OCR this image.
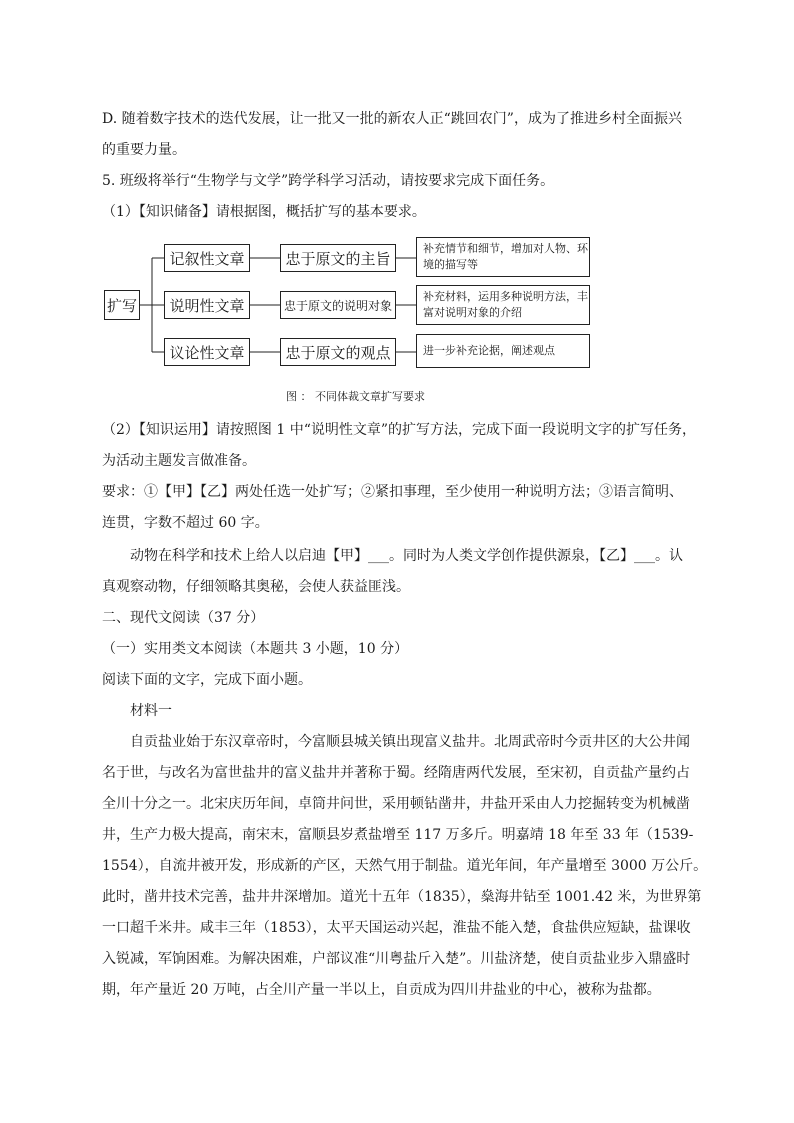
D. 随着数字技术的迭代发展，让一批又一批的新农人正“跳回农门”，成为了推进乡村全面振兴
的重要力量。
5. 班级将举行“生物学与文学”跨学科学习活动，请按要求完成下面任务。
（1）【知识储备】请根据图，概括扩写的基本要求。
扩写
记叙性文章
说明性文章
议论性文章
忠于原文的主旨
忠于原文的说明对象
忠于原文的观点
补充情节和细节，增加对人物、环境的描写等
补充材料，运用多种说明方法，丰富对说明对象的介绍
进一步补充论据，阐述观点
图 ： 不同体裁文章扩写要求
（2）【知识运用】请按照图 1 中“说明性文章”的扩写方法，完成下面一段说明文字的扩写任务，
为活动主题发言做准备。
要求：①【甲】【乙】两处任选一处扩写；②紧扣事理，至少使用一种说明方法；③语言简明、
连贯，字数不超过 60 字。
动物在科学和技术上给人以启迪【甲】___。同时为人类文学创作提供源泉，【乙】___。认
真观察动物，仔细领略其奥秘，会使人获益匪浅。
二、现代文阅读（37 分）
（一）实用类文本阅读（本题共 3 小题，10 分）
阅读下面的文字，完成下面小题。
材料一
自贡盐业始于东汉章帝时，今富顺县城关镇出现富义盐井。北周武帝时今贡井区的大公井闻
名于世，与改名为富世盐井的富义盐井并著称于蜀。经隋唐两代发展，至宋初，自贡盐产量约占
全川十分之一。北宋庆历年间，卓筒井问世，采用顿钻凿井，井盐开采由人力挖掘转变为机械凿
井，生产力极大提高，南宋末，富顺县岁煮盐增至 117 万多斤。明嘉靖 18 年至 33 年（1539-
1554），自流井被开发，形成新的产区，天然气用于制盐。道光年间，年产量增至 3000 万公斤。
此时，凿井技术完善，盐井井深增加。道光十五年（1835），燊海井钻至 1001.42 米，为世界第
一口超千米井。咸丰三年（1853），太平天国运动兴起，淮盐不能入楚，食盐供应短缺，盐课收
入锐减，军饷困难。为解决困难，户部议准“川粤盐斤入楚”。川盐济楚，使自贡盐业步入鼎盛时
期，年产量近 20 万吨，占全川产量一半以上，自贡成为四川井盐业的中心，被称为盐都。
